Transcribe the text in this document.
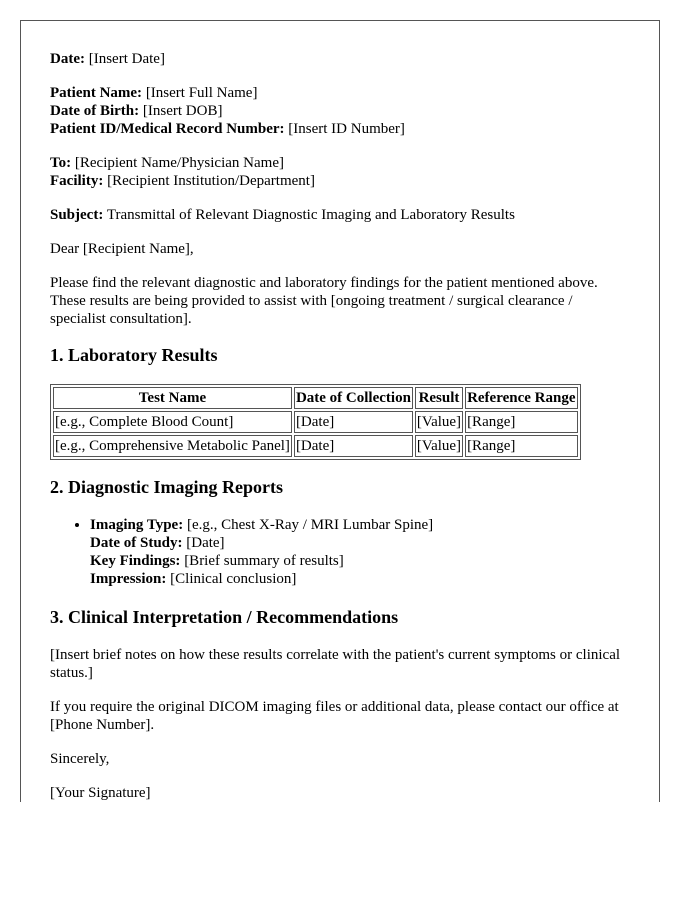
Date: [Insert Date]

Patient Name: [Insert Full Name]
Date of Birth: [Insert DOB]
Patient ID/Medical Record Number: [Insert ID Number]
To: [Recipient Name/Physician Name]
Facility: [Recipient Institution/Department]

Subject: Transmittal of Relevant Diagnostic Imaging and Laboratory Results

Dear [Recipient Name],

Please find the relevant diagnostic and laboratory findings for the patient mentioned above. These results are being provided to assist with [ongoing treatment / surgical clearance / specialist consultation].

1. Laboratory Results
Test Name	Date of Collection	Result	Reference Range
[e.g., Complete Blood Count]	[Date]	[Value]	[Range]
[e.g., Comprehensive Metabolic Panel]	[Date]	[Value]	[Range]
2. Diagnostic Imaging Reports
• Imaging Type: [e.g., Chest X-Ray / MRI Lumbar Spine]
Date of Study: [Date]
Key Findings: [Brief summary of results]
Impression: [Clinical conclusion]
3. Clinical Interpretation / Recommendations

[Insert brief notes on how these results correlate with the patient's current symptoms or clinical status.]

If you require the original DICOM imaging files or additional data, please contact our office at [Phone Number].

Sincerely,

[Your Signature]
